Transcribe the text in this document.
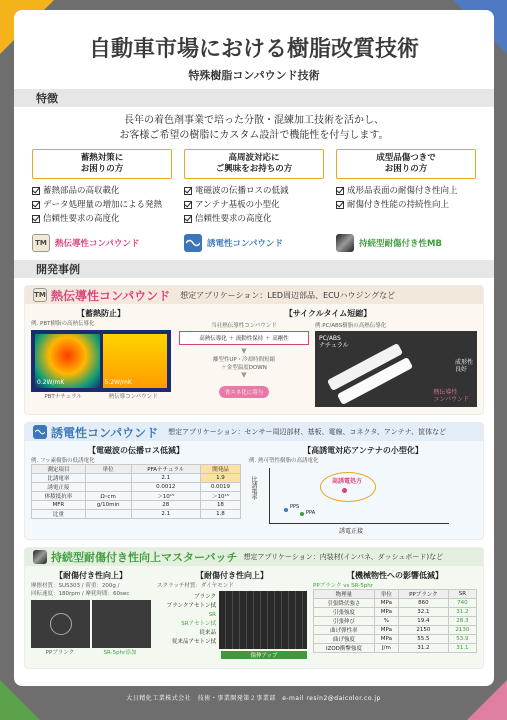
自動車市場における樹脂改質技術
特殊樹脂コンパウンド技術
特徴
長年の着色剤事業で培った分散・混練加工技術を活かし、
お客様ご希望の樹脂にカスタム設計で機能性を付与します。
蓄熱対策に
お困りの方
蓄熱部品の高収載化
データ処理量の増加による発熱
信頼性要求の高度化
TM 熱伝導性コンパウンド
高周波対応に
ご興味をお持ちの方
電磁波の伝播ロスの低減
アンテナ基板の小型化
信頼性要求の高度化
誘電性コンパウンド
成型品傷つきで
お困りの方
成形品表面の耐傷付き性向上
耐傷付き性能の持続性向上
持続型耐傷付き性MB
開発事例
TM 熱伝導性コンパウンド 想定アプリケーション：LED周辺部品、ECUハウジングなど
【蓄熱防止】
例. PBT樹脂の高熱伝導化
0.2W/mK	5.2W/mK
PBTナチュラル	熱伝導コンパウンド
【サイクルタイム短縮】
当社熱伝導性コンパウンド
高熱伝導化 ＋ 流動性保持 ＋ 高剛性
▼
離型性UP・冷却時間短縮
＋金型温度DOWN
▼
省エネ化に寄与
例.PC/ABS樹脂の高熱伝導化
PC/ABS
ナチュラル
成形性
良好
熱伝導性
コンパウンド
誘電性コンパウンド 想定アプリケーション：センサー周辺部材、基板、電線、コネクタ、アンテナ、筐体など
【電磁波の伝播ロス低減】
例. フッ素樹脂の低誘電化
測定項目	単位	PFAナチュラル	開発品
比誘電率		2.1	1.9
誘電正接		0.0012	0.0019
体積抵抗率	Ω･cm	＞10¹⁵	＞10¹⁵
MFR	g/10min	28	18
比重		2.1	1.8
【高誘電対応アンテナの小型化】
例. 熱可塑性樹脂の高誘電化
高誘電処方
PPS
PPA
比誘電率
誘電正接
持続型耐傷付き性向上マスターバッチ 想定アプリケーション：内装材(インパネ、ダッシュボード)など
【耐傷付き性向上】
摩擦材質：SUS303 / 荷重：200g /
回転速度：180rpm / 摩耗時間：60sec
PPブランク	SR-5phr添加
【耐傷付き性向上】
スクラッチ材質：ダイヤモンド
ブランク
ブランクアセトン拭
SR
SRアセトン拭
従来品
従来品アセトン拭
傷伸アップ
【機械物性への影響低減】
PPブランク vs SR-5phr
物理量	単位	PPブランク	SR
引張降伏強さ	MPa	860	740
引張強度	MPa	32.1	31.2
引張伸び	%	19.4	28.3
曲げ弾性率	MPa	2150	2130
曲げ強度	MPa	55.5	53.9
IZOD衝撃強度	J/m	31.2	31.1
大日精化工業株式会社　技術・事業開発第２事業部　e-mail resin2@daicolor.co.jp
